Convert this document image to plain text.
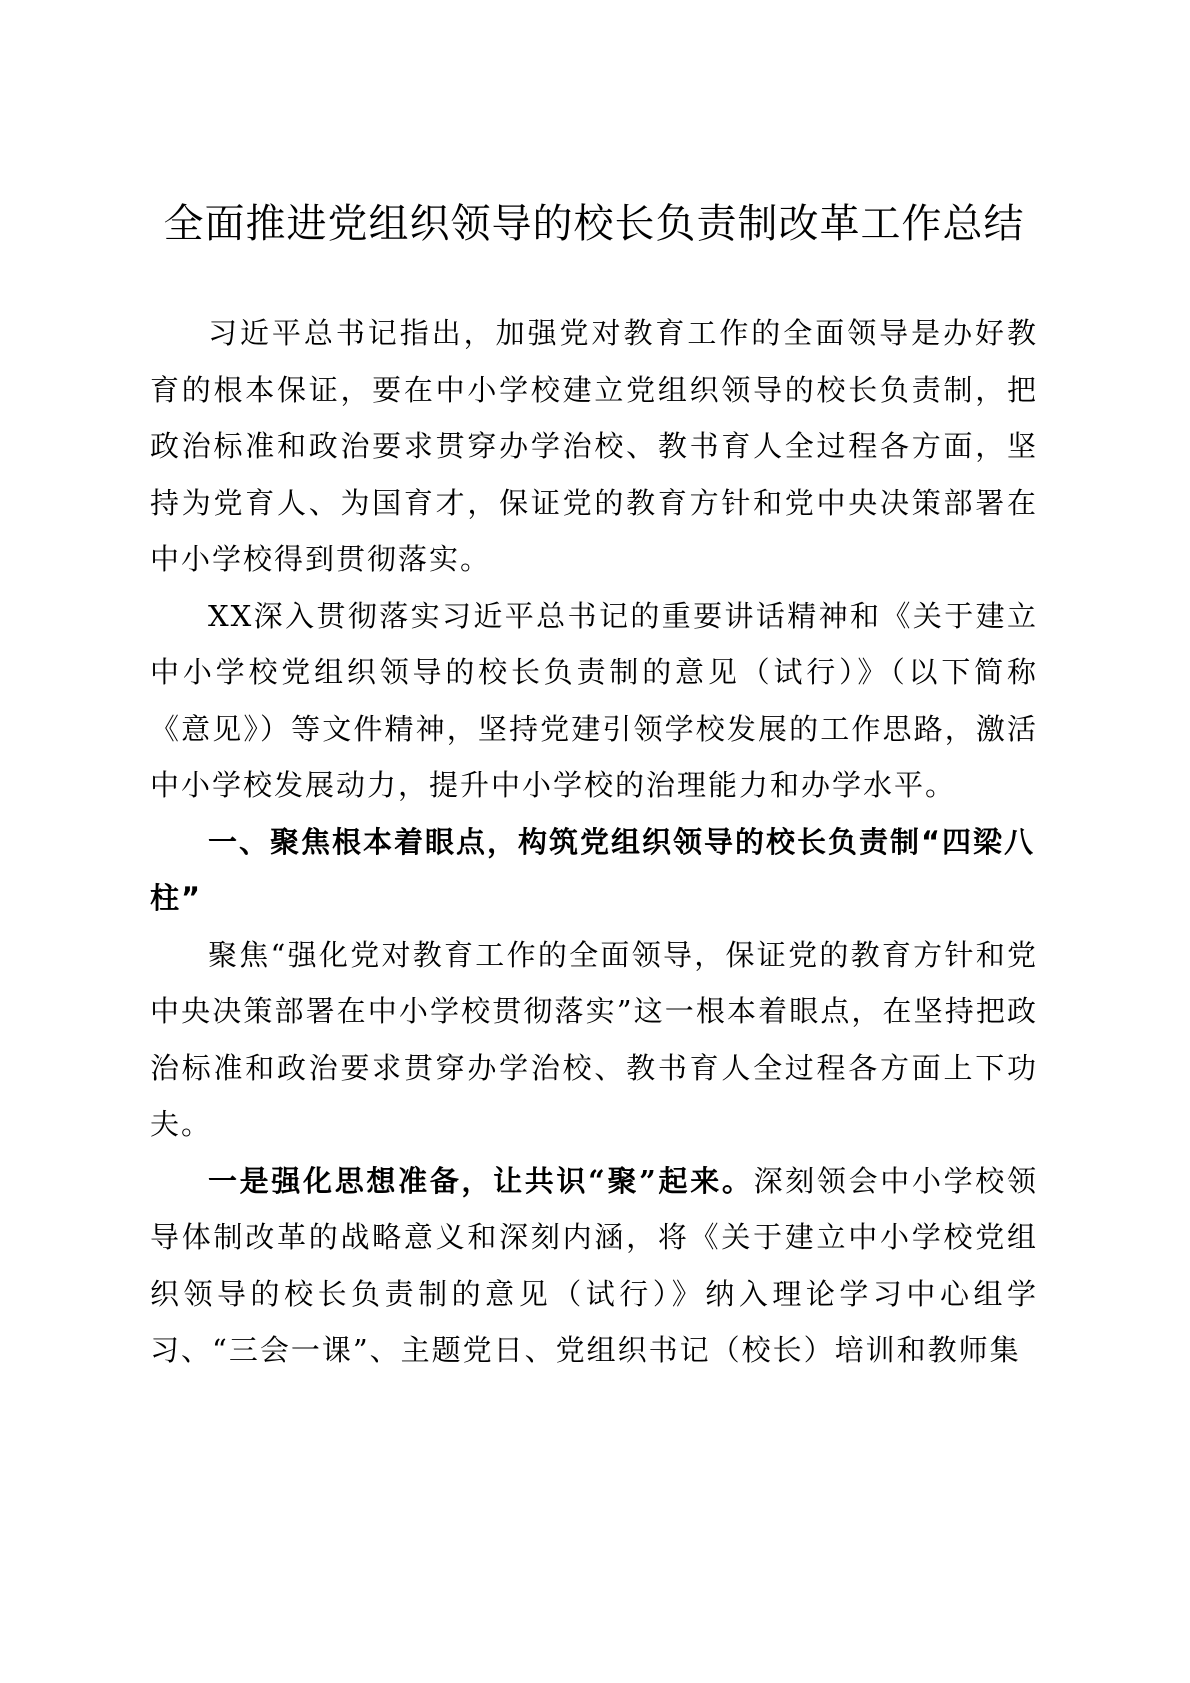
全面推进党组织领导的校长负责制改革工作总结

习近平总书记指出，加强党对教育工作的全面领导是办好教育的根本保证，要在中小学校建立党组织领导的校长负责制，把政治标准和政治要求贯穿办学治校、教书育人全过程各方面，坚持为党育人、为国育才，保证党的教育方针和党中央决策部署在中小学校得到贯彻落实。

XX深入贯彻落实习近平总书记的重要讲话精神和《关于建立中小学校党组织领导的校长负责制的意见（试行）》（以下简称《意见》）等文件精神，坚持党建引领学校发展的工作思路，激活中小学校发展动力，提升中小学校的治理能力和办学水平。

一、聚焦根本着眼点，构筑党组织领导的校长负责制“四梁八柱”

聚焦“强化党对教育工作的全面领导，保证党的教育方针和党中央决策部署在中小学校贯彻落实”这一根本着眼点，在坚持把政治标准和政治要求贯穿办学治校、教书育人全过程各方面上下功夫。

一是强化思想准备，让共识“聚”起来。深刻领会中小学校领导体制改革的战略意义和深刻内涵，将《关于建立中小学校党组织领导的校长负责制的意见（试行）》纳入理论学习中心组学习、“三会一课”、主题党日、党组织书记（校长）培训和教师集
